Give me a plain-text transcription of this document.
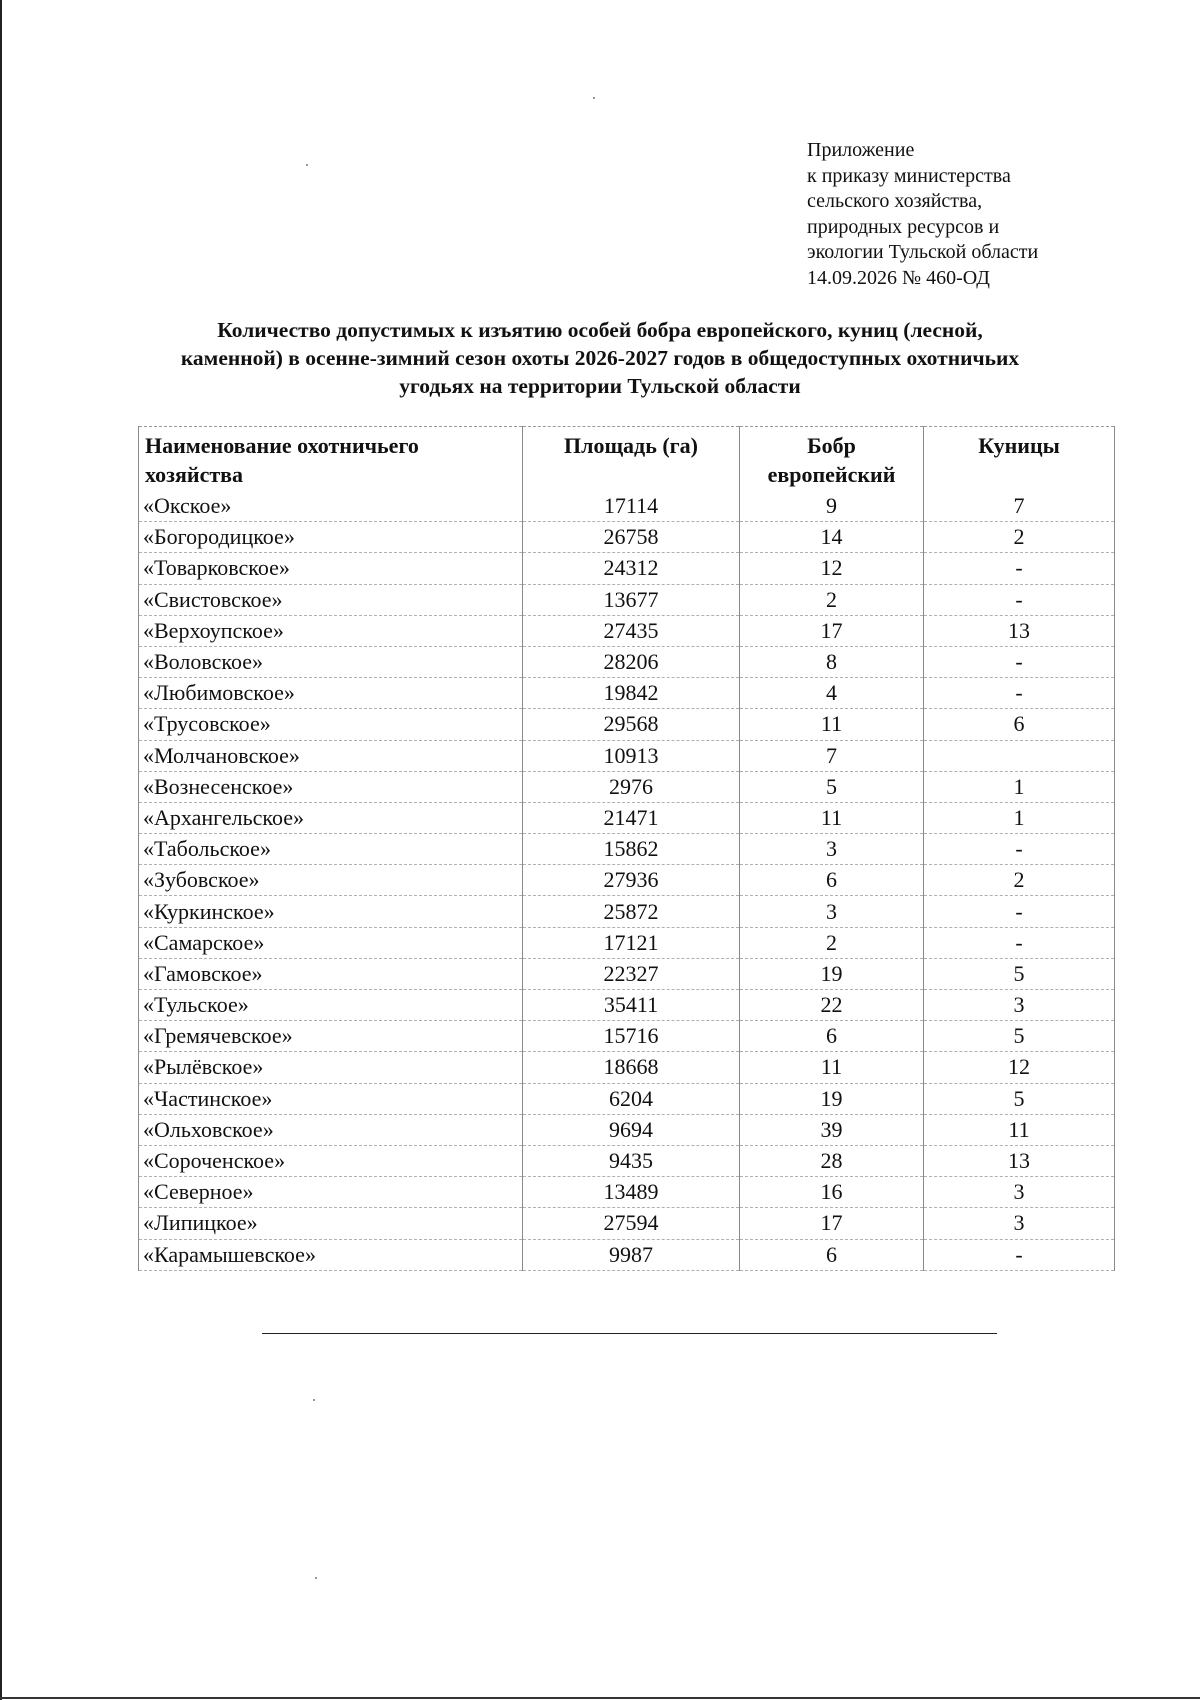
Приложение
к приказу министерства
сельского хозяйства,
природных ресурсов и
экологии Тульской области
14.09.2026 № 460-ОД
Количество допустимых к изъятию особей бобра европейского, куниц (лесной,
каменной) в осенне-зимний сезон охоты 2026-2027 годов в общедоступных охотничьих
угодьях на территории Тульской области
Наименование охотничьего хозяйства	Площадь (га)	Бобр европейский	Куницы
«Окское»	17114	9	7
«Богородицкое»	26758	14	2
«Товарковское»	24312	12	-
«Свистовское»	13677	2	-
«Верхоупское»	27435	17	13
«Воловское»	28206	8	-
«Любимовское»	19842	4	-
«Трусовское»	29568	11	6
«Молчановское»	10913	7	
«Вознесенское»	2976	5	1
«Архангельское»	21471	11	1
«Табольское»	15862	3	-
«Зубовское»	27936	6	2
«Куркинское»	25872	3	-
«Самарское»	17121	2	-
«Гамовское»	22327	19	5
«Тульское»	35411	22	3
«Гремячевское»	15716	6	5
«Рылёвское»	18668	11	12
«Частинское»	6204	19	5
«Ольховское»	9694	39	11
«Сороченское»	9435	28	13
«Северное»	13489	16	3
«Липицкое»	27594	17	3
«Карамышевское»	9987	6	-
